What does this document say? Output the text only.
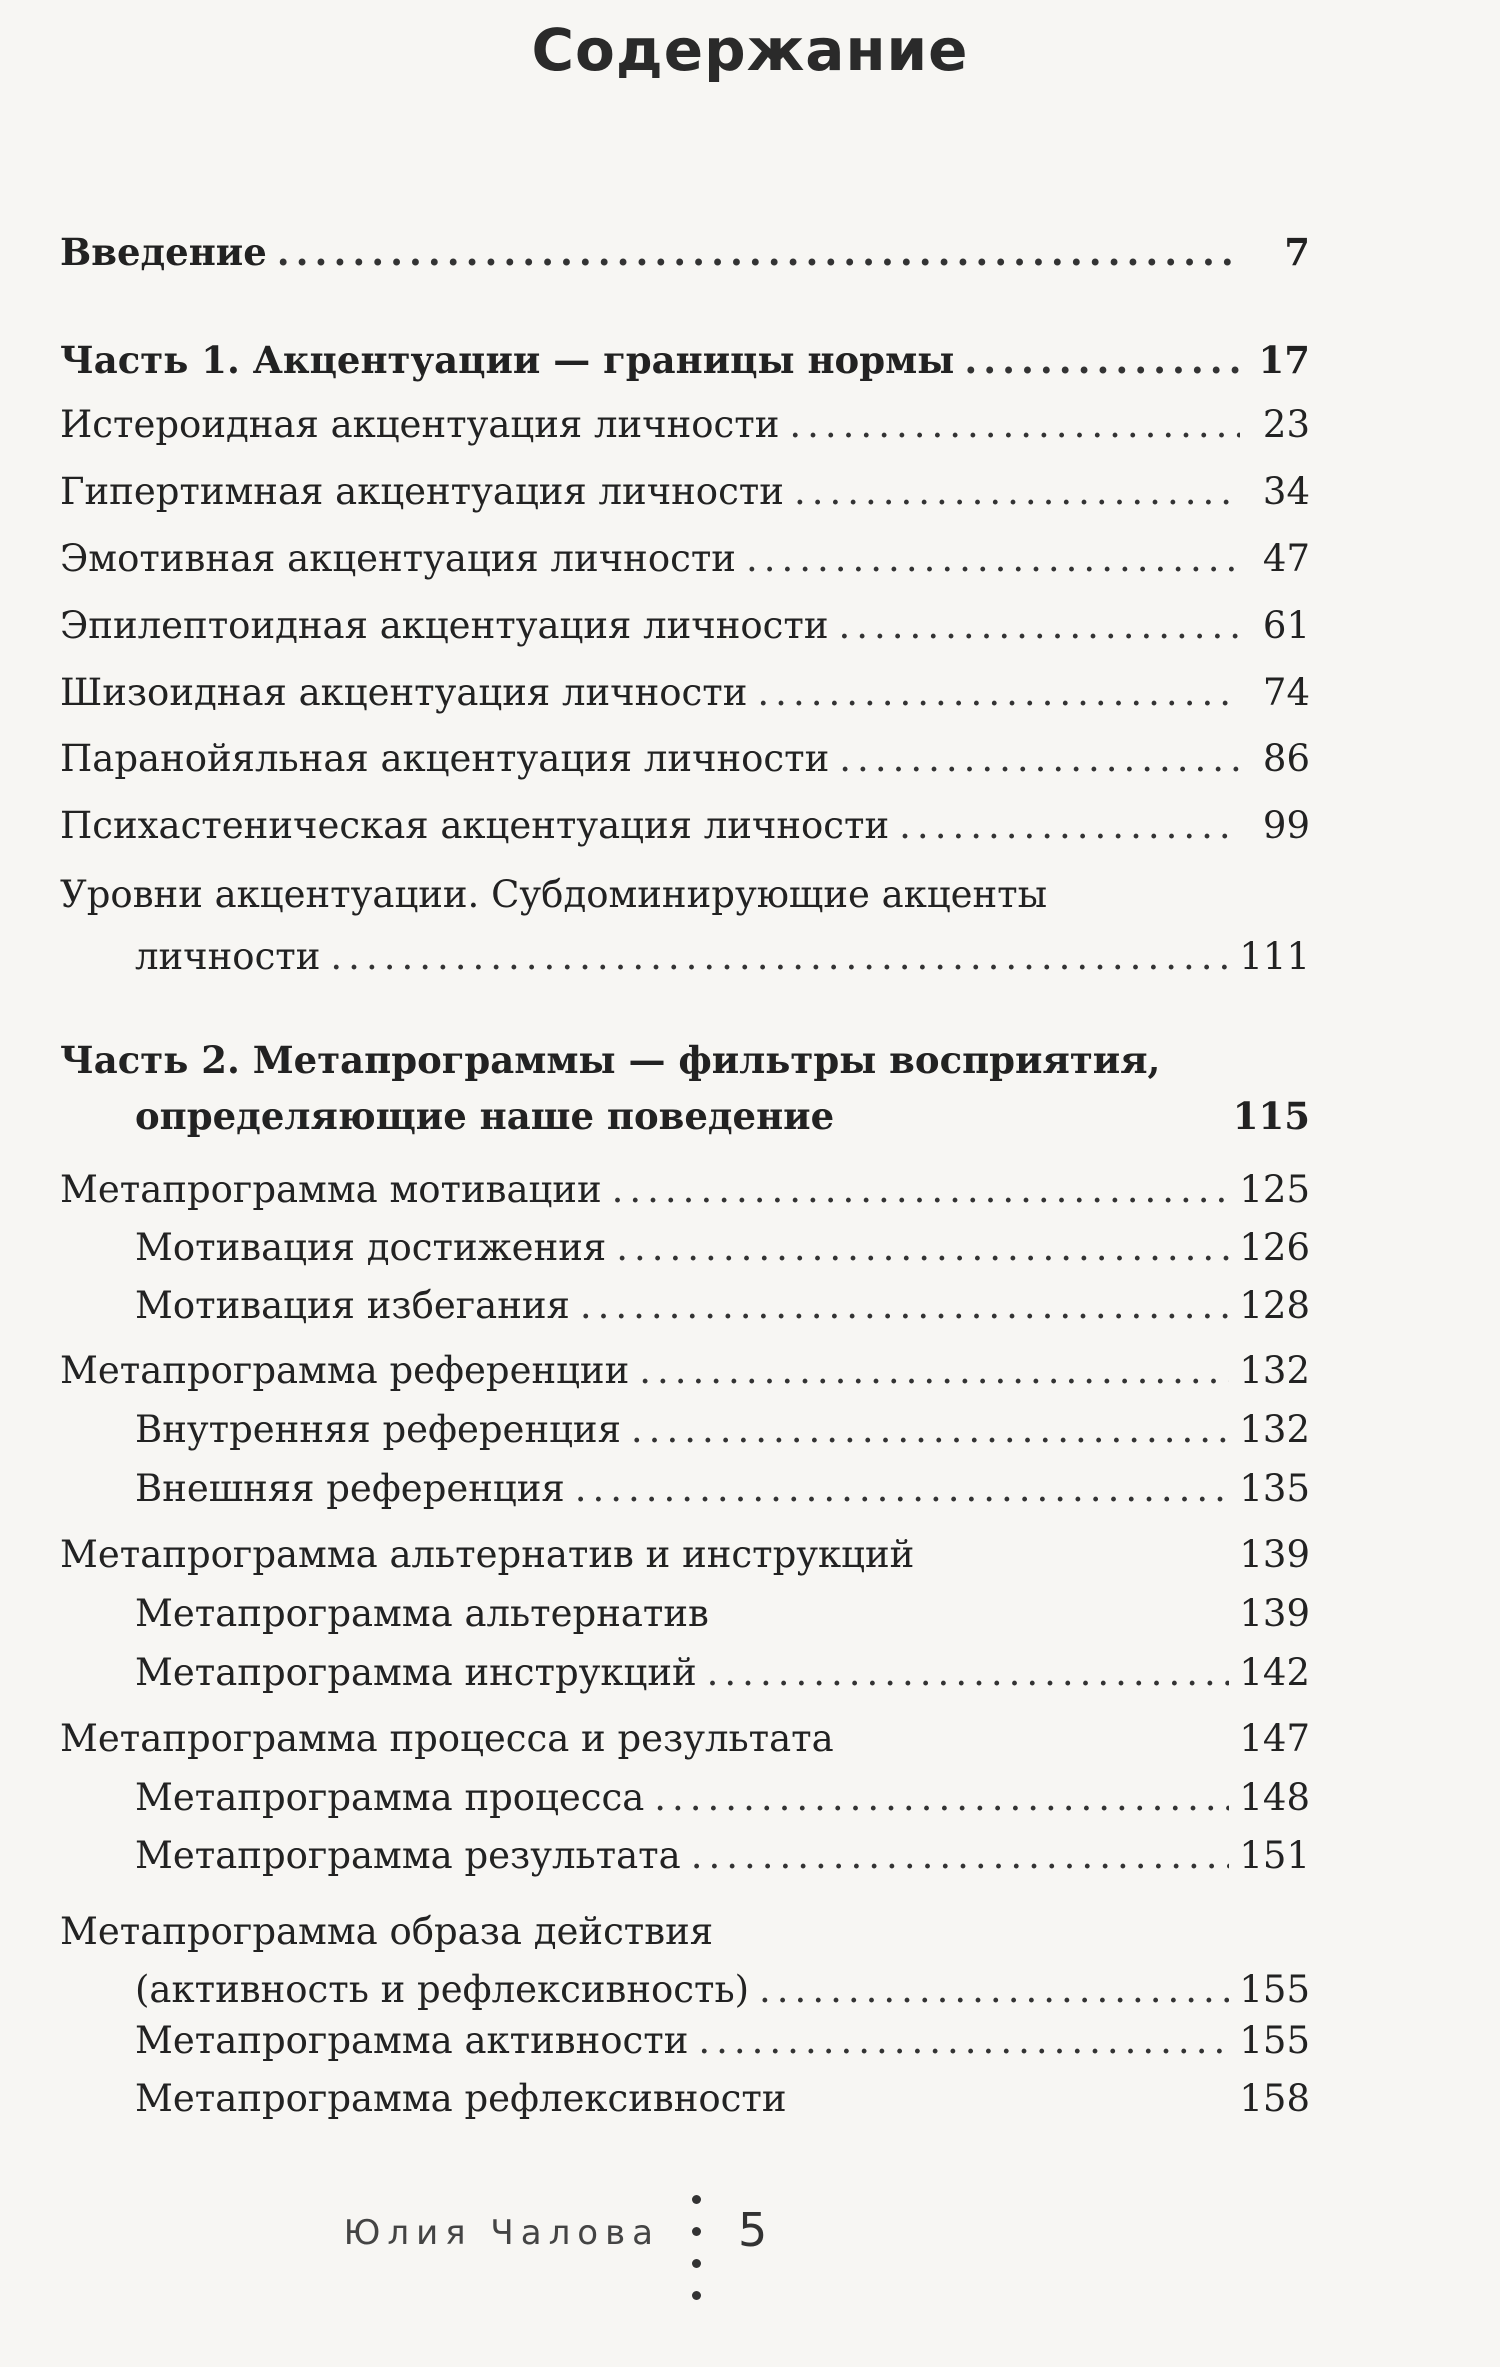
Содержание
Введение .....	7
Часть 1. Акцентуации — границы нормы .....	17
Истероидная акцентуация личности .....	23
Гипертимная акцентуация личности .....	34
Эмотивная акцентуация личности .....	47
Эпилептоидная акцентуация личности .....	61
Шизоидная акцентуация личности .....	74
Паранойяльная акцентуация личности .....	86
Психастеническая акцентуация личности .....	99
Уровни акцентуации. Субдоминирующие акценты
личности .....	111
Часть 2. Метапрограммы — фильтры восприятия,
определяющие наше поведение	115
Метапрограмма мотивации .....	125
Мотивация достижения .....	126
Мотивация избегания .....	128
Метапрограмма референции .....	132
Внутренняя референция .....	132
Внешняя референция .....	135
Метапрограмма альтернатив и инструкций	139
Метапрограмма альтернатив	139
Метапрограмма инструкций .....	142
Метапрограмма процесса и результата	147
Метапрограмма процесса .....	148
Метапрограмма результата .....	151
Метапрограмма образа действия
(активность и рефлексивность) .....	155
Метапрограмма активности .....	155
Метапрограмма рефлексивности	158
Юлия Чалова 5
